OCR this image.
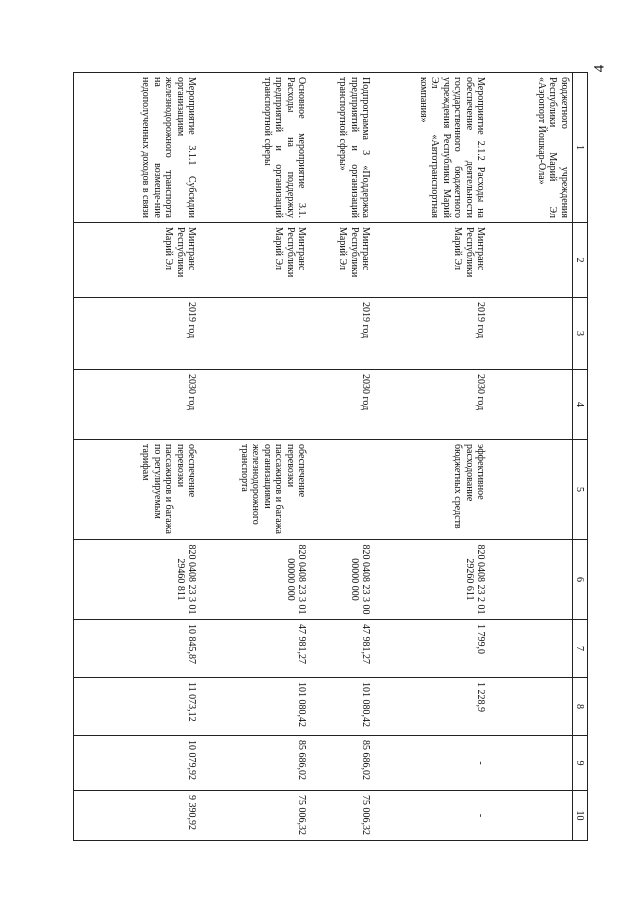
4
1	2	3	4	5	6	7	8	9	10
бюджетного учреждения Республики Марий Эл «Аэропорт Йошкар-Ола»									
Мероприятие 2.1.2 Расходы на обеспечение деятельности государственного бюджетного учреждения Республики Марий Эл «Автотранспортная компания»	Минтранс Республики Марий Эл	2019 год	2030 год	эффективное расходование бюджетных средств	820 0408 23 2 01 29260 611	1 799,0	1 228,9	-	-
Подпрограмма 3 «Поддержка предприятий и организаций транспортной сферы»	Минтранс Республики Марий Эл	2019 год	2030 год		820 0408 23 3 00 00000 000	47 981,27	101 080,42	85 686,02	75 006,32
Основное мероприятие 3.1. Расходы на поддержку предприятий и организаций транспортной сферы	Минтранс Республики Марий Эл			обеспечение перевозки пассажиров и багажа организациями железнодорожного транспорта	820 0408 23 3 01 00000 000	47 981,27	101 080,42	85 686,02	75 006,32
Мероприятие 3.1.1 Субсидии организациям железнодорожного транспорта на возмеще-ние недополученных доходов в связи	Минтранс Республики Марий Эл	2019 год	2030 год	обеспечение перевозки пассажиров и багажа по регулируемым тарифам	820 0408 23 3 01 29460 811	10 845,87	11 073,12	10 079,92	9 390,92
